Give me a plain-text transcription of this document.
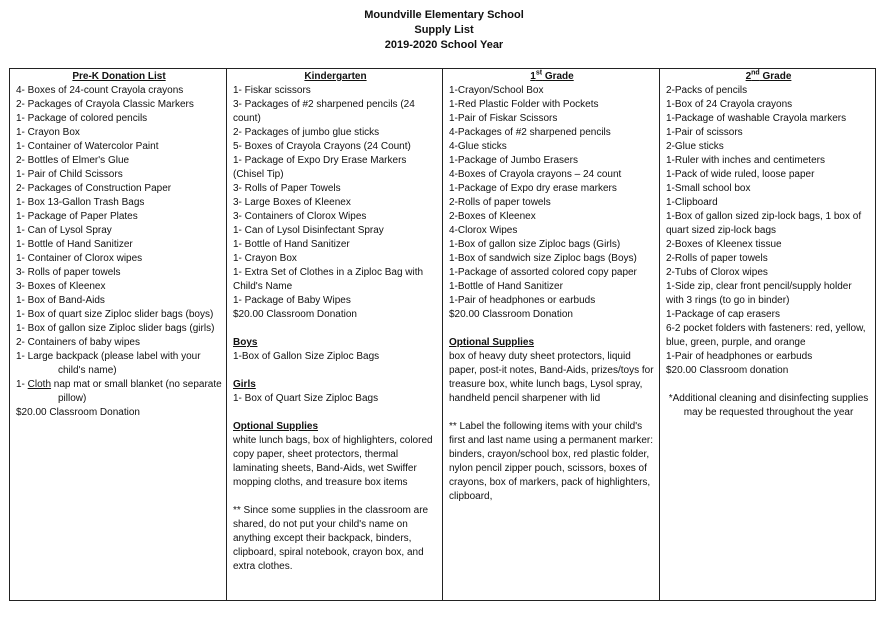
Moundville Elementary School
Supply List
2019-2020 School Year
Pre-K Donation List
4- Boxes of 24-count Crayola crayons
2- Packages of Crayola Classic Markers
1- Package of colored pencils
1- Crayon Box
1- Container of Watercolor Paint
2- Bottles of Elmer's Glue
1- Pair of Child Scissors
2- Packages of Construction Paper
1- Box 13-Gallon Trash Bags
1- Package of Paper Plates
1- Can of Lysol Spray
1- Bottle of Hand Sanitizer
1- Container of Clorox wipes
3- Rolls of paper towels
3- Boxes of Kleenex
1- Box of Band-Aids
1- Box of quart size Ziploc slider bags (boys)
1- Box of gallon size Ziploc slider bags (girls)
2- Containers of baby wipes
1- Large backpack (please label with your child's name)
1- Cloth nap mat or small blanket (no separate pillow)
$20.00 Classroom Donation

Kindergarten
1- Fiskar scissors
3- Packages of #2 sharpened pencils (24 count)
2- Packages of jumbo glue sticks
5- Boxes of Crayola Crayons (24 Count)
1- Package of Expo Dry Erase Markers (Chisel Tip)
3- Rolls of Paper Towels
3- Large Boxes of Kleenex
3- Containers of Clorox Wipes
1- Can of Lysol Disinfectant Spray
1- Bottle of Hand Sanitizer
1- Crayon Box
1- Extra Set of Clothes in a Ziploc Bag with Child's Name
1- Package of Baby Wipes
$20.00 Classroom Donation
Boys
1-Box of Gallon Size Ziploc Bags
Girls
1- Box of Quart Size Ziploc Bags
Optional Supplies
white lunch bags, box of highlighters, colored copy paper, sheet protectors, thermal laminating sheets, Band-Aids, wet Swiffer mopping cloths, and treasure box items
** Since some supplies in the classroom are shared, do not put your child's name on anything except their backpack, binders, clipboard, spiral notebook, crayon box, and extra clothes.

1st Grade
1-Crayon/School Box
1-Red Plastic Folder with Pockets
1-Pair of Fiskar Scissors
4-Packages of #2 sharpened pencils
4-Glue sticks
1-Package of Jumbo Erasers
4-Boxes of Crayola crayons – 24 count
1-Package of Expo dry erase markers
2-Rolls of paper towels
2-Boxes of Kleenex
4-Clorox Wipes
1-Box of gallon size Ziploc bags (Girls)
1-Box of sandwich size Ziploc bags (Boys)
1-Package of assorted colored copy paper
1-Bottle of Hand Sanitizer
1-Pair of headphones or earbuds
$20.00 Classroom Donation
Optional Supplies
box of heavy duty sheet protectors, liquid paper, post-it notes, Band-Aids, prizes/toys for treasure box, white lunch bags, Lysol spray, handheld pencil sharpener with lid
** Label the following items with your child's first and last name using a permanent marker: binders, crayon/school box, red plastic folder, nylon pencil zipper pouch, scissors, boxes of crayons, box of markers, pack of highlighters, clipboard,

2nd Grade
2-Packs of pencils
1-Box of 24 Crayola crayons
1-Package of washable Crayola markers
1-Pair of scissors
2-Glue sticks
1-Ruler with inches and centimeters
1-Pack of wide ruled, loose paper
1-Small school box
1-Clipboard
1-Box of gallon sized zip-lock bags, 1 box of quart sized zip-lock bags
2-Boxes of Kleenex tissue
2-Rolls of paper towels
2-Tubs of Clorox wipes
1-Side zip, clear front pencil/supply holder with 3 rings (to go in binder)
1-Package of cap erasers
6-2 pocket folders with fasteners: red, yellow, blue, green, purple, and orange
1-Pair of headphones or earbuds
$20.00 Classroom donation
*Additional cleaning and disinfecting supplies may be requested throughout the year
